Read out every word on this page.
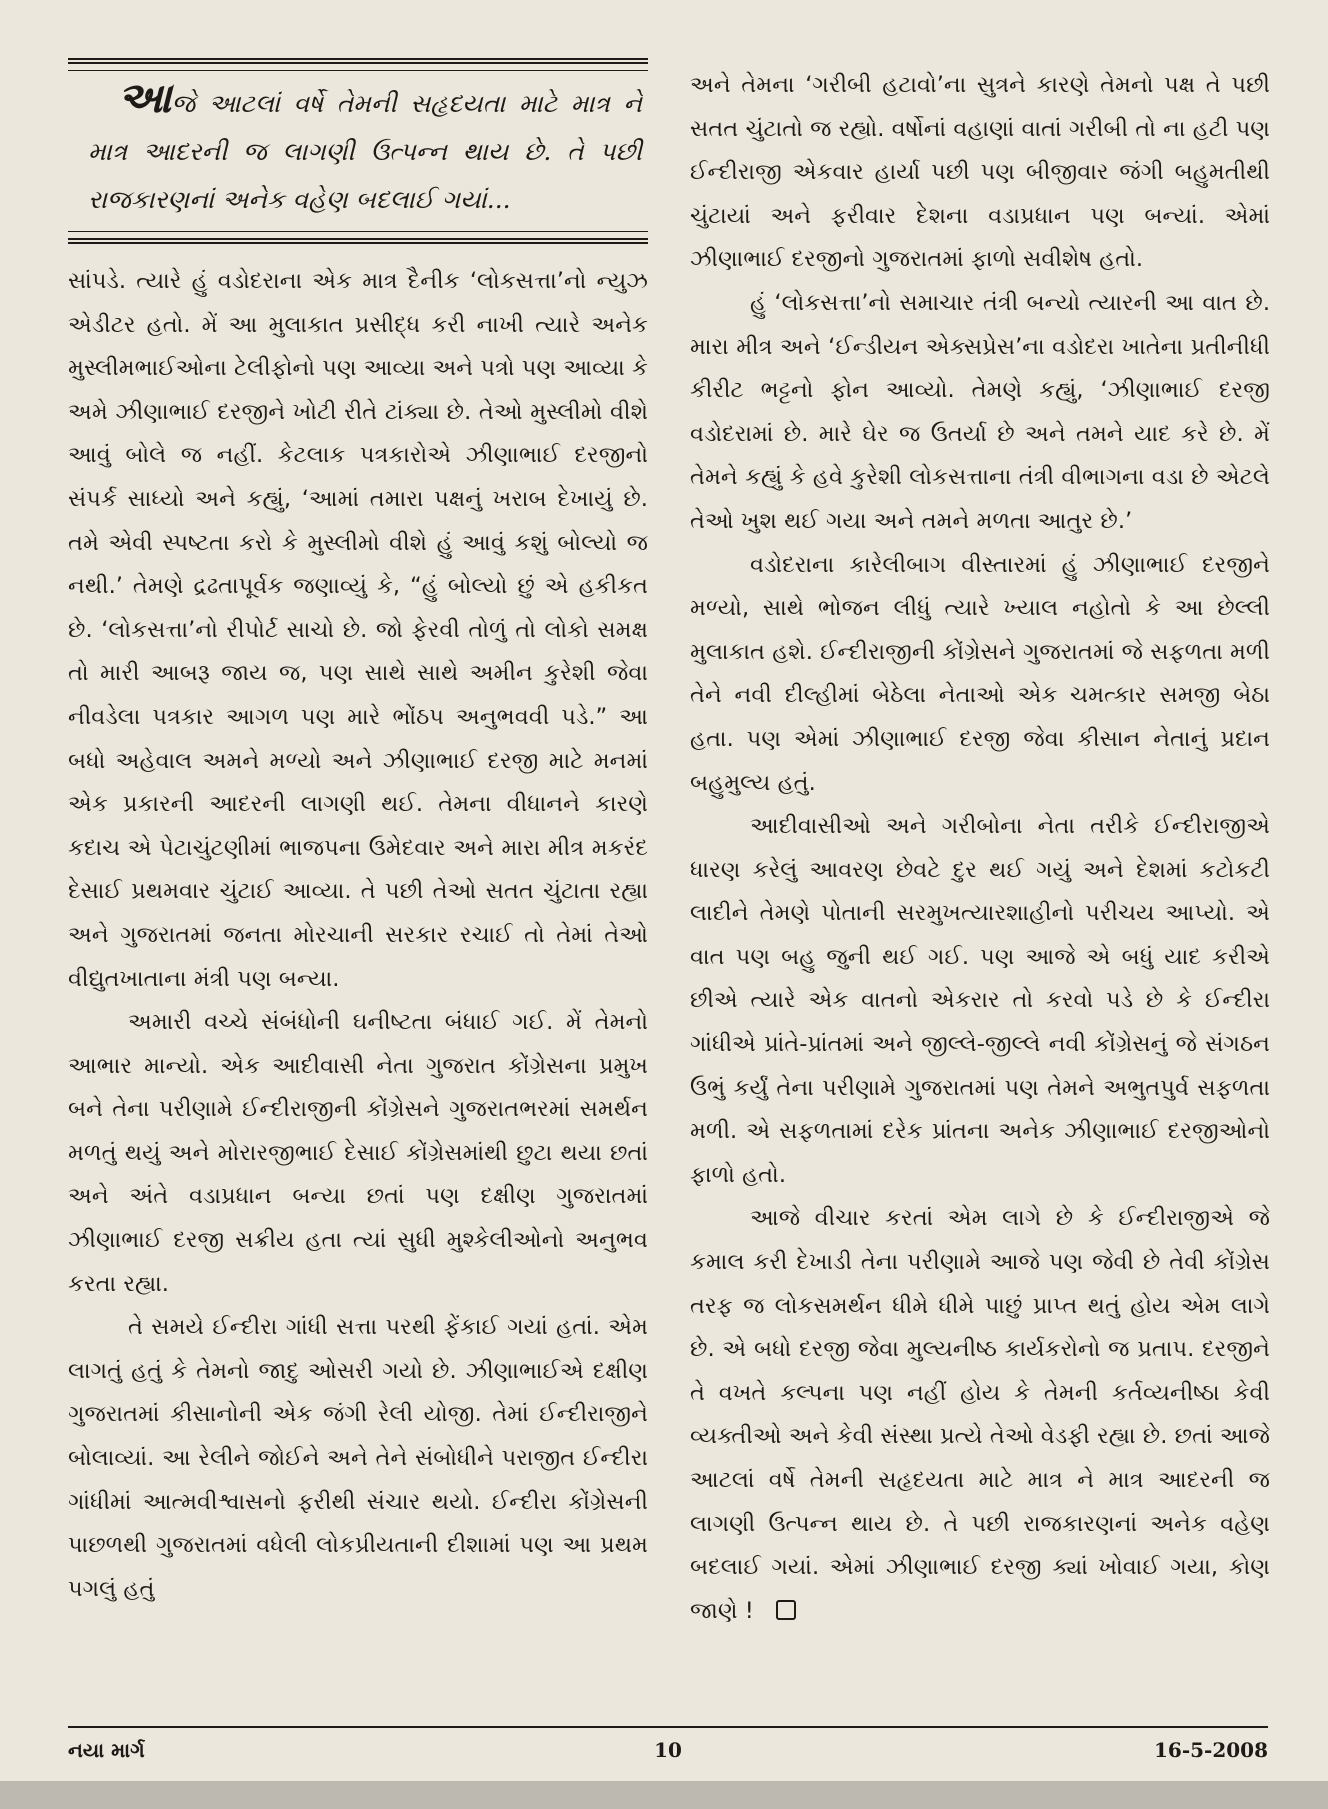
આજે આટલાં વર્ષે તેમની સહૃદયતા માટે માત્ર ને માત્ર આદરની જ લાગણી ઉત્પન્ન થાય છે. તે પછી રાજકારણનાં અનેક વહેણ બદલાઈ ગયાં...

સાંપડે. ત્યારે હું વડોદરાના એક માત્ર દૈનીક ‘લોકસત્તા’નો ન્યુઝ એડીટર હતો. મેં આ મુલાકાત પ્રસીદ્ધ કરી નાખી ત્યારે અનેક મુસ્લીમભાઈઓના ટેલીફોનો પણ આવ્યા અને પત્રો પણ આવ્યા કે અમે ઝીણાભાઈ દરજીને ખોટી રીતે ટાંક્યા છે. તેઓ મુસ્લીમો વીશે આવું બોલે જ નહીં. કેટલાક પત્રકારોએ ઝીણાભાઈ દરજીનો સંપર્ક સાધ્યો અને કહ્યું, ‘આમાં તમારા પક્ષનું ખરાબ દેખાયું છે. તમે એવી સ્પષ્ટતા કરો કે મુસ્લીમો વીશે હું આવું કશું બોલ્યો જ નથી.’ તેમણે દ્રઢતાપૂર્વક જણાવ્યું કે, “હું બોલ્યો છું એ હકીકત છે. ‘લોકસત્તા’નો રીપોર્ટ સાચો છે. જો ફેરવી તોળું તો લોકો સમક્ષ તો મારી આબરૂ જાય જ, પણ સાથે સાથે અમીન કુરેશી જેવા નીવડેલા પત્રકાર આગળ પણ મારે ભોંઠપ અનુભવવી પડે.” આ બધો અહેવાલ અમને મળ્યો અને ઝીણાભાઈ દરજી માટે મનમાં એક પ્રકારની આદરની લાગણી થઈ. તેમના વીધાનને કારણે કદાચ એ પેટાચુંટણીમાં ભાજપના ઉમેદવાર અને મારા મીત્ર મકરંદ દેસાઈ પ્રથમવાર ચુંટાઈ આવ્યા. તે પછી તેઓ સતત ચુંટાતા રહ્યા અને ગુજરાતમાં જનતા મોરચાની સરકાર રચાઈ તો તેમાં તેઓ વીદ્યુતખાતાના મંત્રી પણ બન્યા.

અમારી વચ્ચે સંબંધોની ઘનીષ્ટતા બંધાઈ ગઈ. મેં તેમનો આભાર માન્યો. એક આદીવાસી નેતા ગુજરાત કોંગ્રેસના પ્રમુખ બને તેના પરીણામે ઈન્દીરાજીની કોંગ્રેસને ગુજરાતભરમાં સમર્થન મળતું થયું અને મોરારજીભાઈ દેસાઈ કોંગ્રેસમાંથી છુટા થયા છતાં અને અંતે વડાપ્રધાન બન્યા છતાં પણ દક્ષીણ ગુજરાતમાં ઝીણાભાઈ દરજી સક્રીય હતા ત્યાં સુધી મુશ્કેલીઓનો અનુભવ કરતા રહ્યા.

તે સમયે ઈન્દીરા ગાંધી સત્તા પરથી ફેંકાઈ ગયાં હતાં. એમ લાગતું હતું કે તેમનો જાદુ ઓસરી ગયો છે. ઝીણાભાઈએ દક્ષીણ ગુજરાતમાં કીસાનોની એક જંગી રેલી યોજી. તેમાં ઈન્દીરાજીને બોલાવ્યાં. આ રેલીને જોઈને અને તેને સંબોધીને પરાજીત ઈન્દીરા ગાંધીમાં આત્મવીશ્વાસનો ફરીથી સંચાર થયો. ઈન્દીરા કોંગ્રેસની પાછળથી ગુજરાતમાં વધેલી લોકપ્રીયતાની દીશામાં પણ આ પ્રથમ પગલું હતું

અને તેમના ‘ગરીબી હટાવો’ના સુત્રને કારણે તેમનો પક્ષ તે પછી સતત ચુંટાતો જ રહ્યો. વર્ષોનાં વહાણાં વાતાં ગરીબી તો ના હટી પણ ઈન્દીરાજી એકવાર હાર્યા પછી પણ બીજીવાર જંગી બહુમતીથી ચુંટાયાં અને ફરીવાર દેશના વડાપ્રધાન પણ બન્યાં. એમાં ઝીણાભાઈ દરજીનો ગુજરાતમાં ફાળો સવીશેષ હતો.

હું ‘લોકસત્તા’નો સમાચાર તંત્રી બન્યો ત્યારની આ વાત છે. મારા મીત્ર અને ‘ઈન્ડીયન એક્સપ્રેસ’ના વડોદરા ખાતેના પ્રતીનીધી કીરીટ ભટ્ટનો ફોન આવ્યો. તેમણે કહ્યું, ‘ઝીણાભાઈ દરજી વડોદરામાં છે. મારે ઘેર જ ઉતર્યા છે અને તમને યાદ કરે છે. મેં તેમને કહ્યું કે હવે કુરેશી લોકસત્તાના તંત્રી વીભાગના વડા છે એટલે તેઓ ખુશ થઈ ગયા અને તમને મળતા આતુર છે.’

વડોદરાના કારેલીબાગ વીસ્તારમાં હું ઝીણાભાઈ દરજીને મળ્યો, સાથે ભોજન લીધું ત્યારે ખ્યાલ નહોતો કે આ છેલ્લી મુલાકાત હશે. ઈન્દીરાજીની કોંગ્રેસને ગુજરાતમાં જે સફળતા મળી તેને નવી દીલ્હીમાં બેઠેલા નેતાઓ એક ચમત્કાર સમજી બેઠા હતા. પણ એમાં ઝીણાભાઈ દરજી જેવા કીસાન નેતાનું પ્રદાન બહુમુલ્ય હતું.

આદીવાસીઓ અને ગરીબોના નેતા તરીકે ઈન્દીરાજીએ ધારણ કરેલું આવરણ છેવટે દુર થઈ ગયું અને દેશમાં કટોકટી લાદીને તેમણે પોતાની સરમુખત્યારશાહીનો પરીચય આપ્યો. એ વાત પણ બહુ જુની થઈ ગઈ. પણ આજે એ બધું યાદ કરીએ છીએ ત્યારે એક વાતનો એકરાર તો કરવો પડે છે કે ઈન્દીરા ગાંધીએ પ્રાંતે-પ્રાંતમાં અને જીલ્લે-જીલ્લે નવી કોંગ્રેસનું જે સંગઠન ઉભું કર્યું તેના પરીણામે ગુજરાતમાં પણ તેમને અભુતપુર્વ સફળતા મળી. એ સફળતામાં દરેક પ્રાંતના અનેક ઝીણાભાઈ દરજીઓનો ફાળો હતો.

આજે વીચાર કરતાં એમ લાગે છે કે ઈન્દીરાજીએ જે કમાલ કરી દેખાડી તેના પરીણામે આજે પણ જેવી છે તેવી કોંગ્રેસ તરફ જ લોકસમર્થન ધીમે ધીમે પાછું પ્રાપ્ત થતું હોય એમ લાગે છે. એ બધો દરજી જેવા મુલ્યનીષ્ઠ કાર્યકરોનો જ પ્રતાપ. દરજીને તે વખતે કલ્પના પણ નહીં હોય કે તેમની કર્તવ્યનીષ્ઠા કેવી વ્યક્તીઓ અને કેવી સંસ્થા પ્રત્યે તેઓ વેડફી રહ્યા છે. છતાં આજે આટલાં વર્ષે તેમની સહૃદયતા માટે માત્ર ને માત્ર આદરની જ લાગણી ઉત્પન્ન થાય છે. તે પછી રાજકારણનાં અનેક વહેણ બદલાઈ ગયાં. એમાં ઝીણાભાઈ દરજી ક્યાં ખોવાઈ ગયા, કોણ જાણે !

નયા માર્ગ	10	16-5-2008
